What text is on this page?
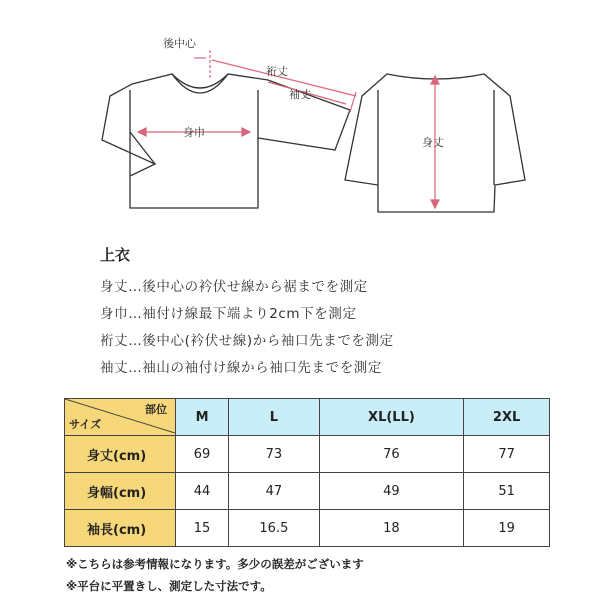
後中心
裄丈
袖丈
身巾
身丈
上衣
身丈…後中心の衿伏せ線から裾までを測定
身巾…袖付け線最下端より2cm下を測定
裄丈…後中心(衿伏せ線)から袖口先までを測定
袖丈…袖山の袖付け線から袖口先までを測定
部位
サイズ	M	L	XL(LL)	2XL
身丈(cm)	69	73	76	77
身幅(cm)	44	47	49	51
袖長(cm)	15	16.5	18	19
※こちらは参考情報になります。多少の誤差がございます
※平台に平置きし、測定した寸法です。
